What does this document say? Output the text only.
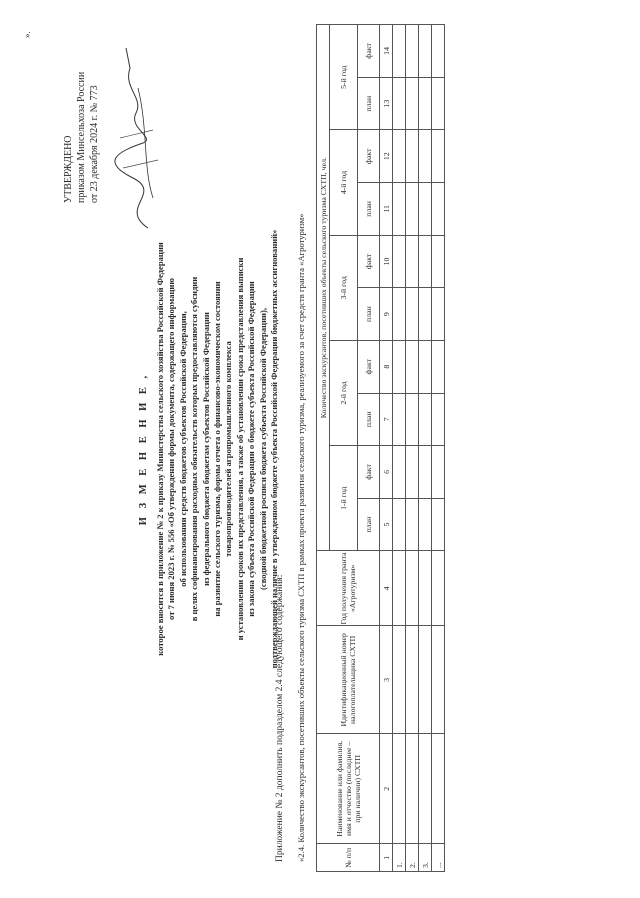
УТВЕРЖДЕНО приказом Минсельхоза России от 23 декабря 2024 г. № 773
».
И З М Е Н Е Н И Е , которое вносится в приложение № 2 к приказу Министерства сельского хозяйства Российской Федерации от 7 июня 2023 г. № 556 «Об утверждении формы документа, содержащего информацию об использовании средств бюджетов субъектов Российской Федерации, в целях софинансирования расходных обязательств которых предоставляются субсидии из федерального бюджета бюджетам субъектов Российской Федерации на развитие сельского туризма, формы отчета о финансово-экономическом состоянии товаропроизводителей агропромышленного комплекса и установлении сроков их представления, а также об установлении срока представления выписки из закона субъекта Российской Федерации о бюджете субъекта Российской Федерации (сводной бюджетной росписи бюджета субъекта Российской Федерации), подтверждающей наличие в утвержденном бюджете субъекта Российской Федерации бюджетных ассигнований»
Приложение № 2 дополнить подразделом 2.4 следующего содержания: «2.4. Количество экскурсантов, посетивших объекты сельского туризма СХТП в рамках проекта развития сельского туризма, реализуемого за счет средств гранта «Агротуризм»	№ п/п	Наименование или фамилия, имя и отчество (последнее – при наличии) СХТП	Идентификационный номер налогоплательщика СХТП	Год получения гранта «Агротуризм»	Количество экскурсантов, посетивших объекты сельского туризма СХТП, чел.									
				1-й год		2-й год		3-й год		4-й год		5-й год	
				план	факт	план	факт	план	факт	план	факт	план	факт
1	2	3	4	5	6	7	8	9	10	11	12	13	14
1.													
2.													
3.													
...													
